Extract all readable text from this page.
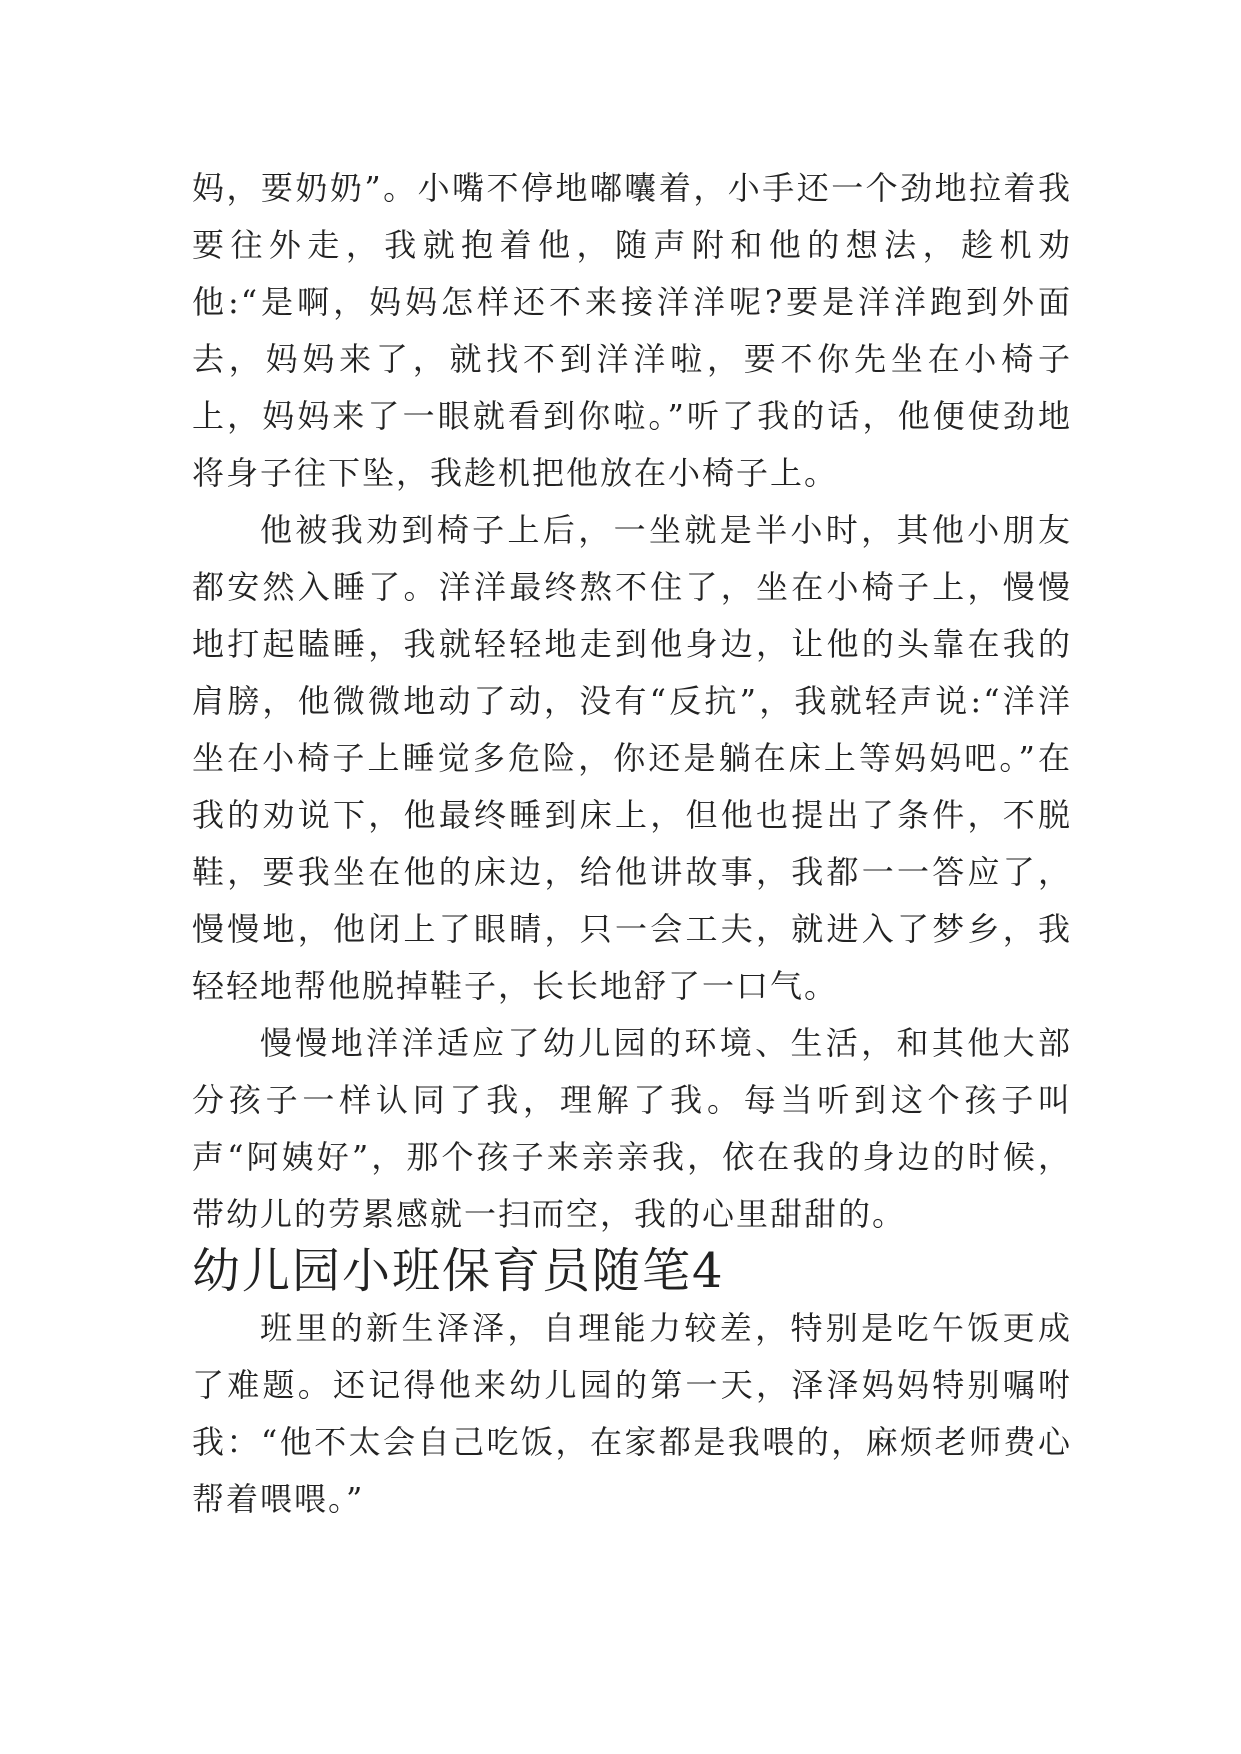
妈，要奶奶”。小嘴不停地嘟囔着，小手还一个劲地拉着我要往外走，我就抱着他，随声附和他的想法，趁机劝他:“是啊，妈妈怎样还不来接洋洋呢?要是洋洋跑到外面去，妈妈来了，就找不到洋洋啦，要不你先坐在小椅子上，妈妈来了一眼就看到你啦。”听了我的话，他便使劲地将身子往下坠，我趁机把他放在小椅子上。

他被我劝到椅子上后，一坐就是半小时，其他小朋友都安然入睡了。洋洋最终熬不住了，坐在小椅子上，慢慢地打起瞌睡，我就轻轻地走到他身边，让他的头靠在我的肩膀，他微微地动了动，没有“反抗”，我就轻声说:“洋洋坐在小椅子上睡觉多危险，你还是躺在床上等妈妈吧。”在我的劝说下，他最终睡到床上，但他也提出了条件，不脱鞋，要我坐在他的床边，给他讲故事，我都一一答应了，慢慢地，他闭上了眼睛，只一会工夫，就进入了梦乡，我轻轻地帮他脱掉鞋子，长长地舒了一口气。

慢慢地洋洋适应了幼儿园的环境、生活，和其他大部分孩子一样认同了我，理解了我。每当听到这个孩子叫声“阿姨好”，那个孩子来亲亲我，依在我的身边的时候，带幼儿的劳累感就一扫而空，我的心里甜甜的。

幼儿园小班保育员随笔4

班里的新生泽泽，自理能力较差，特别是吃午饭更成了难题。还记得他来幼儿园的第一天，泽泽妈妈特别嘱咐我：“他不太会自己吃饭，在家都是我喂的，麻烦老师费心帮着喂喂。”
